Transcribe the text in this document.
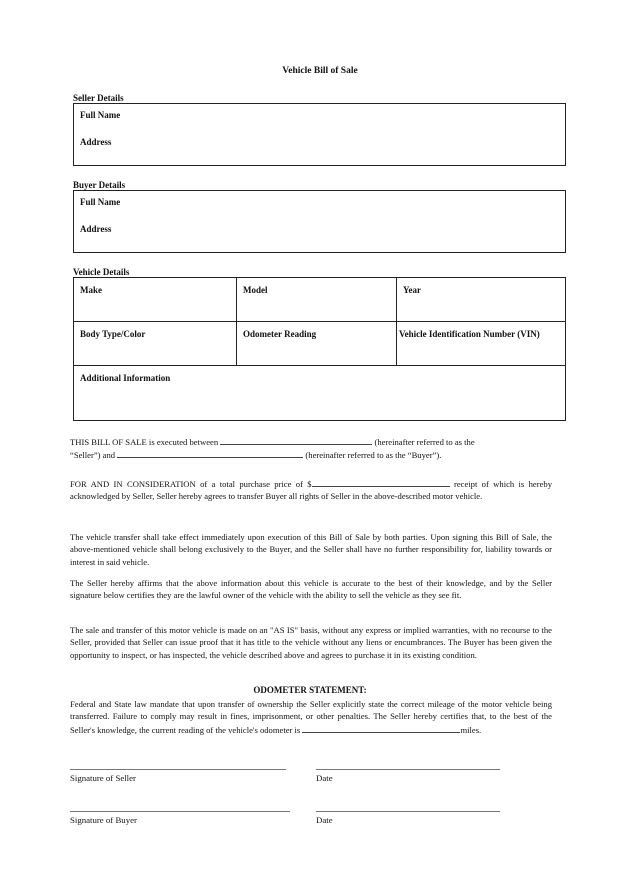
Vehicle Bill of Sale
Seller Details
Full Name
Address
Buyer Details
Full Name
Address
Vehicle Details
Make	Model	Year
Body Type/Color	Odometer Reading	Vehicle Identification Number (VIN)
Additional Information
THIS BILL OF SALE is executed between	(hereinafter referred to as the
“Seller”) and	(hereinafter referred to as the “Buyer”).
FOR AND IN CONSIDERATION of a total purchase price of $	receipt of which is hereby acknowledged by Seller, Seller hereby agrees to transfer Buyer all rights of Seller in the above-described motor vehicle.
The vehicle transfer shall take effect immediately upon execution of this Bill of Sale by both parties. Upon signing this Bill of Sale, the above-mentioned vehicle shall belong exclusively to the Buyer, and the Seller shall have no further responsibility for, liability towards or interest in said vehicle.
The Seller hereby affirms that the above information about this vehicle is accurate to the best of their knowledge, and by the Seller signature below certifies they are the lawful owner of the vehicle with the ability to sell the vehicle as they see fit.
The sale and transfer of this motor vehicle is made on an "AS IS" basis, without any express or implied warranties, with no recourse to the Seller, provided that Seller can issue proof that it has title to the vehicle without any liens or encumbrances. The Buyer has been given the opportunity to inspect, or has inspected, the vehicle described above and agrees to purchase it in its existing condition.
ODOMETER STATEMENT:
Federal and State law mandate that upon transfer of ownership the Seller explicitly state the correct mileage of the motor vehicle being transferred. Failure to comply may result in fines, imprisonment, or other penalties. The Seller hereby certifies that, to the best of the Seller's knowledge, the current reading of the vehicle's odometer is	miles.
Signature of Seller	Date
Signature of Buyer	Date
